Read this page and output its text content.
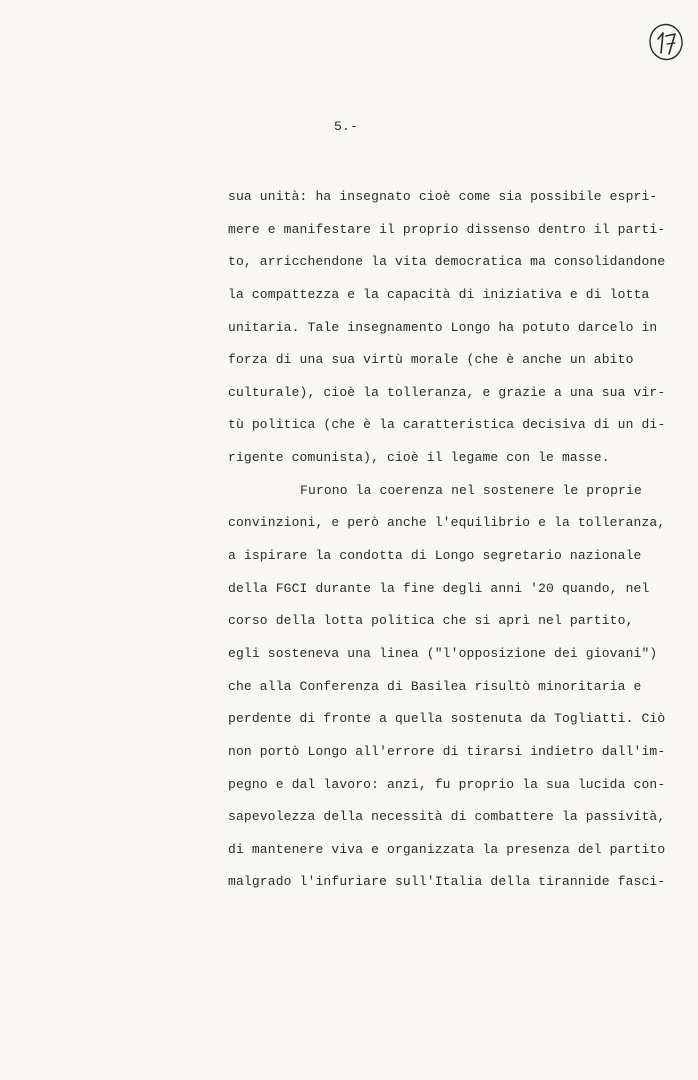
5.-
sua unità: ha insegnato cioè come sia possibile espri-
mere e manifestare il proprio dissenso dentro il parti-
to, arricchendone la vita democratica ma consolidandone
la compattezza e la capacità di iniziativa e di lotta
unitaria. Tale insegnamento Longo ha potuto darcelo in
forza di una sua virtù morale (che è anche un abito
culturale), cioè la tolleranza, e grazie a una sua vir-
tù politica (che è la caratteristica decisiva di un di-
rigente comunista), cioè il legame con le masse.
Furono la coerenza nel sostenere le proprie
convinzioni, e però anche l'equilibrio e la tolleranza,
a ispirare la condotta di Longo segretario nazionale
della FGCI durante la fine degli anni '20 quando, nel
corso della lotta politica che si aprì nel partito,
egli sosteneva una linea ("l'opposizione dei giovani")
che alla Conferenza di Basilea risultò minoritaria e
perdente di fronte a quella sostenuta da Togliatti. Ciò
non portò Longo all'errore di tirarsi indietro dall'im-
pegno e dal lavoro: anzi, fu proprio la sua lucida con-
sapevolezza della necessità di combattere la passività,
di mantenere viva e organizzata la presenza del partito
malgrado l'infuriare sull'Italia della tirannide fasci-
